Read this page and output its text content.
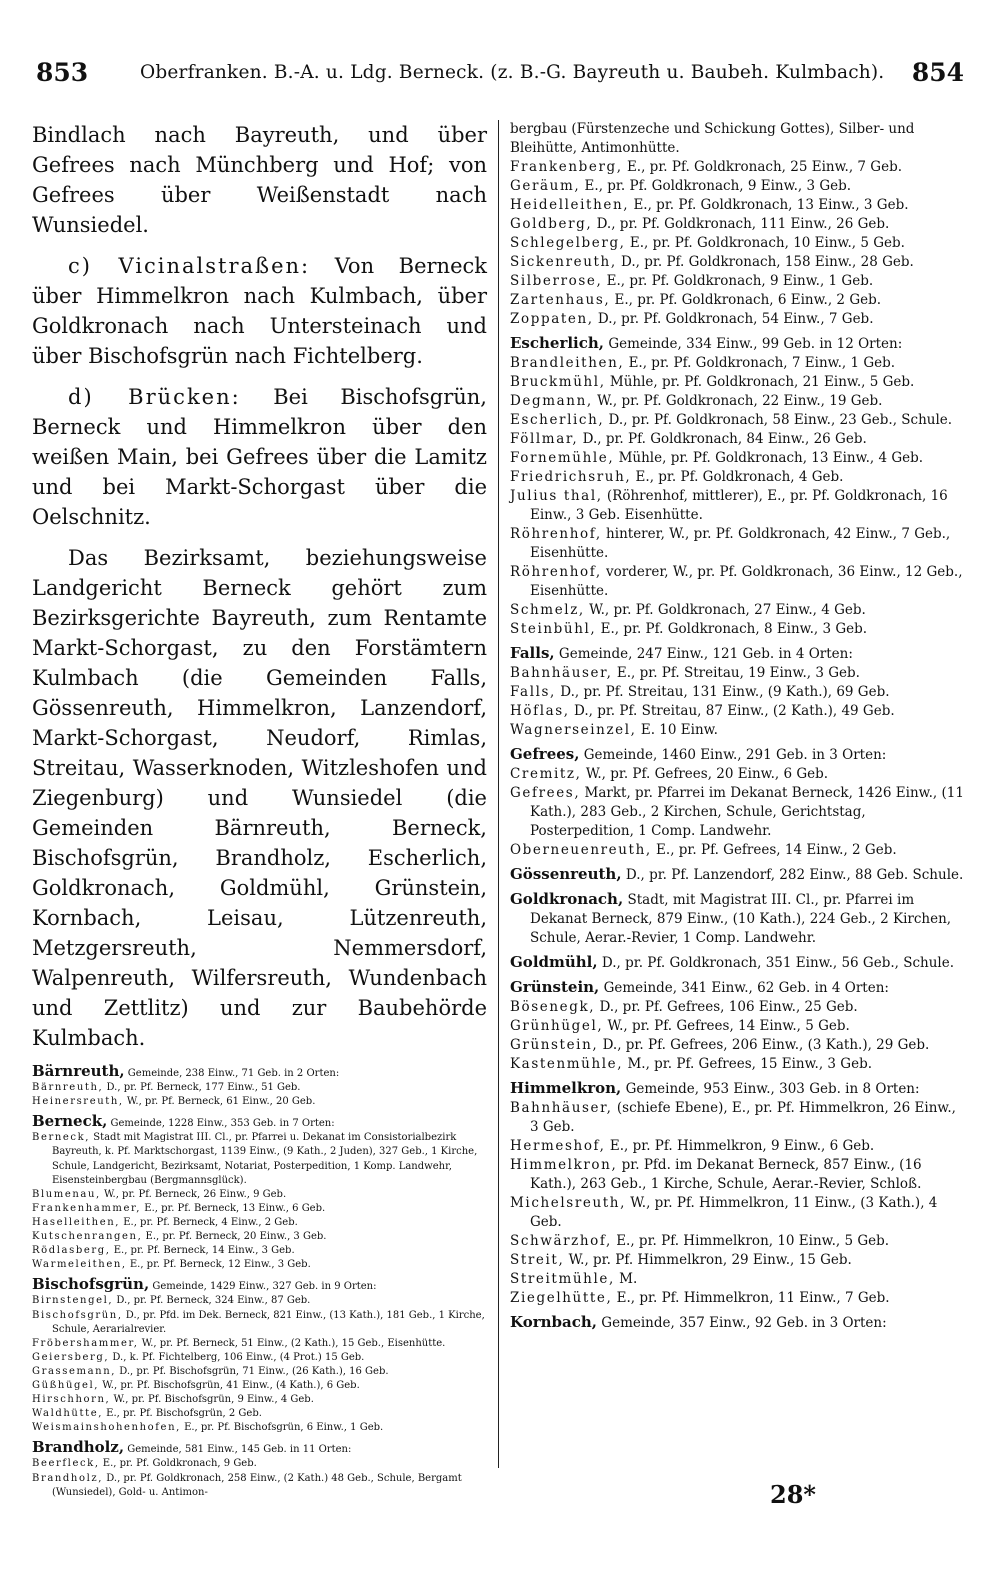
853	Oberfranken. B.-A. u. Ldg. Berneck. (z. B.-G. Bayreuth u. Baubeh. Kulmbach). 854

Bindlach nach Bayreuth, und über Gefrees nach Münchberg und Hof; von Gefrees über Weißenstadt nach Wunsiedel.

c) Vicinalstraßen: Von Berneck über Himmelkron nach Kulmbach, über Goldkronach nach Untersteinach und über Bischofsgrün nach Fichtelberg.

d) Brücken: Bei Bischofsgrün, Berneck und Himmelkron über den weißen Main, bei Gefrees über die Lamitz und bei Markt-Schorgast über die Oelschnitz.

Das Bezirksamt, beziehungsweise Landgericht Berneck gehört zum Bezirksgerichte Bayreuth, zum Rentamte Markt-Schorgast, zu den Forstämtern Kulmbach (die Gemeinden Falls, Gössenreuth, Himmelkron, Lanzendorf, Markt-Schorgast, Neudorf, Rimlas, Streitau, Wasserknoden, Witzleshofen und Ziegenburg) und Wunsiedel (die Gemeinden Bärnreuth, Berneck, Bischofsgrün, Brandholz, Escherlich, Goldkronach, Goldmühl, Grünstein, Kornbach, Leisau, Lützenreuth, Metzgersreuth, Nemmersdorf, Walpenreuth, Wilfersreuth, Wundenbach und Zettlitz) und zur Baubehörde Kulmbach.

Bärnreuth, Gemeinde, 238 Einw., 71 Geb. in 2 Orten:

Bärnreuth, D., pr. Pf. Berneck, 177 Einw., 51 Geb.

Heinersreuth, W., pr. Pf. Berneck, 61 Einw., 20 Geb.

Berneck, Gemeinde, 1228 Einw., 353 Geb. in 7 Orten:

Berneck, Stadt mit Magistrat III. Cl., pr. Pfarrei u. Dekanat im Consistorialbezirk Bayreuth, k. Pf. Marktschorgast, 1139 Einw., (9 Kath., 2 Juden), 327 Geb., 1 Kirche, Schule, Landgericht, Bezirksamt, Notariat, Posterpedition, 1 Komp. Landwehr, Eisensteinbergbau (Bergmannsglück).

Blumenau, W., pr. Pf. Berneck, 26 Einw., 9 Geb.

Frankenhammer, E., pr. Pf. Berneck, 13 Einw., 6 Geb.

Haselleithen, E., pr. Pf. Berneck, 4 Einw., 2 Geb.

Kutschenrangen, E., pr. Pf. Berneck, 20 Einw., 3 Geb.

Rödlasberg, E., pr. Pf. Berneck, 14 Einw., 3 Geb.

Warmeleithen, E., pr. Pf. Berneck, 12 Einw., 3 Geb.

Bischofsgrün, Gemeinde, 1429 Einw., 327 Geb. in 9 Orten:

Birnstengel, D., pr. Pf. Berneck, 324 Einw., 87 Geb.

Bischofsgrün, D., pr. Pfd. im Dek. Berneck, 821 Einw., (13 Kath.), 181 Geb., 1 Kirche, Schule, Aerarialrevier.

Fröbershammer, W., pr. Pf. Berneck, 51 Einw., (2 Kath.), 15 Geb., Eisenhütte.

Geiersberg, D., k. Pf. Fichtelberg, 106 Einw., (4 Prot.) 15 Geb.

Grassemann, D., pr. Pf. Bischofsgrün, 71 Einw., (26 Kath.), 16 Geb.

Güßhügel, W., pr. Pf. Bischofsgrün, 41 Einw., (4 Kath.), 6 Geb.

Hirschhorn, W., pr. Pf. Bischofsgrün, 9 Einw., 4 Geb.

Waldhütte, E., pr. Pf. Bischofsgrün, 2 Geb.

Weismainshohenhofen, E., pr. Pf. Bischofsgrün, 6 Einw., 1 Geb.

Brandholz, Gemeinde, 581 Einw., 145 Geb. in 11 Orten:

Beerfleck, E., pr. Pf. Goldkronach, 9 Geb.

Brandholz, D., pr. Pf. Goldkronach, 258 Einw., (2 Kath.) 48 Geb., Schule, Bergamt (Wunsiedel), Gold- u. Antimon-

bergbau (Fürstenzeche und Schickung Gottes), Silber- und Bleihütte, Antimonhütte.

Frankenberg, E., pr. Pf. Goldkronach, 25 Einw., 7 Geb.

Geräum, E., pr. Pf. Goldkronach, 9 Einw., 3 Geb.

Heidelleithen, E., pr. Pf. Goldkronach, 13 Einw., 3 Geb.

Goldberg, D., pr. Pf. Goldkronach, 111 Einw., 26 Geb.

Schlegelberg, E., pr. Pf. Goldkronach, 10 Einw., 5 Geb.

Sickenreuth, D., pr. Pf. Goldkronach, 158 Einw., 28 Geb.

Silberrose, E., pr. Pf. Goldkronach, 9 Einw., 1 Geb.

Zartenhaus, E., pr. Pf. Goldkronach, 6 Einw., 2 Geb.

Zoppaten, D., pr. Pf. Goldkronach, 54 Einw., 7 Geb.

Escherlich, Gemeinde, 334 Einw., 99 Geb. in 12 Orten:

Brandleithen, E., pr. Pf. Goldkronach, 7 Einw., 1 Geb.

Bruckmühl, Mühle, pr. Pf. Goldkronach, 21 Einw., 5 Geb.

Degmann, W., pr. Pf. Goldkronach, 22 Einw., 19 Geb.

Escherlich, D., pr. Pf. Goldkronach, 58 Einw., 23 Geb., Schule.

Föllmar, D., pr. Pf. Goldkronach, 84 Einw., 26 Geb.

Fornemühle, Mühle, pr. Pf. Goldkronach, 13 Einw., 4 Geb.

Friedrichsruh, E., pr. Pf. Goldkronach, 4 Geb.

Julius thal, (Röhrenhof, mittlerer), E., pr. Pf. Goldkronach, 16 Einw., 3 Geb. Eisenhütte.

Röhrenhof, hinterer, W., pr. Pf. Goldkronach, 42 Einw., 7 Geb., Eisenhütte.

Röhrenhof, vorderer, W., pr. Pf. Goldkronach, 36 Einw., 12 Geb., Eisenhütte.

Schmelz, W., pr. Pf. Goldkronach, 27 Einw., 4 Geb.

Steinbühl, E., pr. Pf. Goldkronach, 8 Einw., 3 Geb.

Falls, Gemeinde, 247 Einw., 121 Geb. in 4 Orten:

Bahnhäuser, E., pr. Pf. Streitau, 19 Einw., 3 Geb.

Falls, D., pr. Pf. Streitau, 131 Einw., (9 Kath.), 69 Geb.

Höflas, D., pr. Pf. Streitau, 87 Einw., (2 Kath.), 49 Geb.

Wagnerseinzel, E. 10 Einw.

Gefrees, Gemeinde, 1460 Einw., 291 Geb. in 3 Orten:

Cremitz, W., pr. Pf. Gefrees, 20 Einw., 6 Geb.

Gefrees, Markt, pr. Pfarrei im Dekanat Berneck, 1426 Einw., (11 Kath.), 283 Geb., 2 Kirchen, Schule, Gerichtstag, Posterpedition, 1 Comp. Landwehr.

Oberneuenreuth, E., pr. Pf. Gefrees, 14 Einw., 2 Geb.

Gössenreuth, D., pr. Pf. Lanzendorf, 282 Einw., 88 Geb. Schule.

Goldkronach, Stadt, mit Magistrat III. Cl., pr. Pfarrei im Dekanat Berneck, 879 Einw., (10 Kath.), 224 Geb., 2 Kirchen, Schule, Aerar.-Revier, 1 Comp. Landwehr.

Goldmühl, D., pr. Pf. Goldkronach, 351 Einw., 56 Geb., Schule.

Grünstein, Gemeinde, 341 Einw., 62 Geb. in 4 Orten:

Bösenegk, D., pr. Pf. Gefrees, 106 Einw., 25 Geb.

Grünhügel, W., pr. Pf. Gefrees, 14 Einw., 5 Geb.

Grünstein, D., pr. Pf. Gefrees, 206 Einw., (3 Kath.), 29 Geb.

Kastenmühle, M., pr. Pf. Gefrees, 15 Einw., 3 Geb.

Himmelkron, Gemeinde, 953 Einw., 303 Geb. in 8 Orten:

Bahnhäuser, (schiefe Ebene), E., pr. Pf. Himmelkron, 26 Einw., 3 Geb.

Hermeshof, E., pr. Pf. Himmelkron, 9 Einw., 6 Geb.

Himmelkron, pr. Pfd. im Dekanat Berneck, 857 Einw., (16 Kath.), 263 Geb., 1 Kirche, Schule, Aerar.-Revier, Schloß.

Michelsreuth, W., pr. Pf. Himmelkron, 11 Einw., (3 Kath.), 4 Geb.

Schwärzhof, E., pr. Pf. Himmelkron, 10 Einw., 5 Geb.

Streit, W., pr. Pf. Himmelkron, 29 Einw., 15 Geb.

Streitmühle, M.

Ziegelhütte, E., pr. Pf. Himmelkron, 11 Einw., 7 Geb.

Kornbach, Gemeinde, 357 Einw., 92 Geb. in 3 Orten:

28*
